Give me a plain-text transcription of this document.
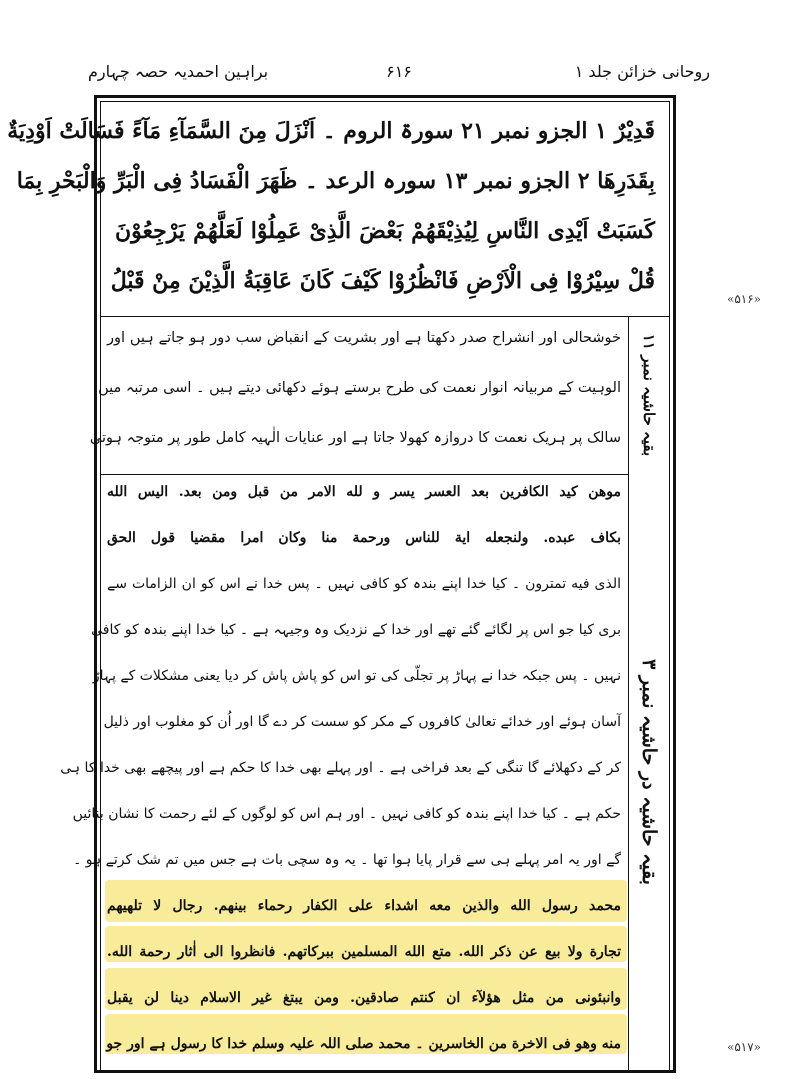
روحانی خزائن جلد ۱
۶۱۶
براہین احمدیہ حصہ چہارم
«۵۱۶»
«۵۱۷»
قَدِيْرٌ ۱ الجزو نمبر ۲۱ سورۃ الروم ۔ اَنْزَلَ مِنَ السَّمَآءِ مَآءً فَسَالَتْ اَوْدِيَةٌ
بِقَدَرِهَا ۲ الجزو نمبر ۱۳ سورہ الرعد ۔ ظَهَرَ الْفَسَادُ فِى الْبَرِّ وَالْبَحْرِ بِمَا
كَسَبَتْ اَيْدِى النَّاسِ لِيُذِيْقَهُمْ بَعْضَ الَّذِىْ عَمِلُوْا لَعَلَّهُمْ يَرْجِعُوْنَ
قُلْ سِيْرُوْا فِى الْاَرْضِ فَانْظُرُوْا كَيْفَ كَانَ عَاقِبَةُ الَّذِيْنَ مِنْ قَبْلُ
بقیہ حاشیہ نمبر ۱۱
خوشحالی اور انشراح صدر دکھتا ہے اور بشریت کے انقباض سب دور ہو جاتے ہیں اور
الوہیت کے مربیانہ انوار نعمت کی طرح برستے ہوئے دکھائی دیتے ہیں ۔ اسی مرتبہ میں
سالک پر ہریک نعمت کا دروازہ کھولا جاتا ہے اور عنایات الٰہیہ کامل طور پر متوجہ ہوتی
بقیہ حاشیہ در حاشیہ نمبر ۳
موهن كيد الكافرين بعد العسر يسر و لله الامر من قبل ومن بعد. اليس الله
بكاف عبده. ولنجعله اية للناس ورحمة منا وكان امرا مقضيا قول الحق
الذى فيه تمترون ۔ کیا خدا اپنے بندہ کو کافی نہیں ۔ پس خدا نے اس کو ان الزامات سے
بری کیا جو اس پر لگائے گئے تھے اور خدا کے نزدیک وہ وجیہہ ہے ۔ کیا خدا اپنے بندہ کو کافی
نہیں ۔ پس جبکہ خدا نے پہاڑ پر تجلّی کی تو اس کو پاش پاش کر دیا یعنی مشکلات کے پہاڑ
آسان ہوئے اور خدائے تعالیٰ کافروں کے مکر کو سست کر دے گا اور اُن کو مغلوب اور ذلیل
کر کے دکھلائے گا تنگی کے بعد فراخی ہے ۔ اور پہلے بھی خدا کا حکم ہے اور پیچھے بھی خدا کا ہی
حکم ہے ۔ کیا خدا اپنے بندہ کو کافی نہیں ۔ اور ہم اس کو لوگوں کے لئے رحمت کا نشان بنائیں
گے اور یہ امر پہلے ہی سے قرار پایا ہوا تھا ۔ یہ وہ سچی بات ہے جس میں تم شک کرتے ہو ۔
محمد رسول الله والذين معه اشداء على الكفار رحماء بينهم. رجال لا تلهيهم
تجارة ولا بيع عن ذكر الله. متع الله المسلمين ببركاتهم. فانظروا الى اٰثار رحمة الله.
وانبئونى من مثل هؤلآء ان كنتم صادقين. ومن يبتغ غير الاسلام دينا لن يقبل
منه وهو فى الاخرة من الخاسرين ۔ محمد صلی اللہ علیہ وسلم خدا کا رسول ہے اور جو
